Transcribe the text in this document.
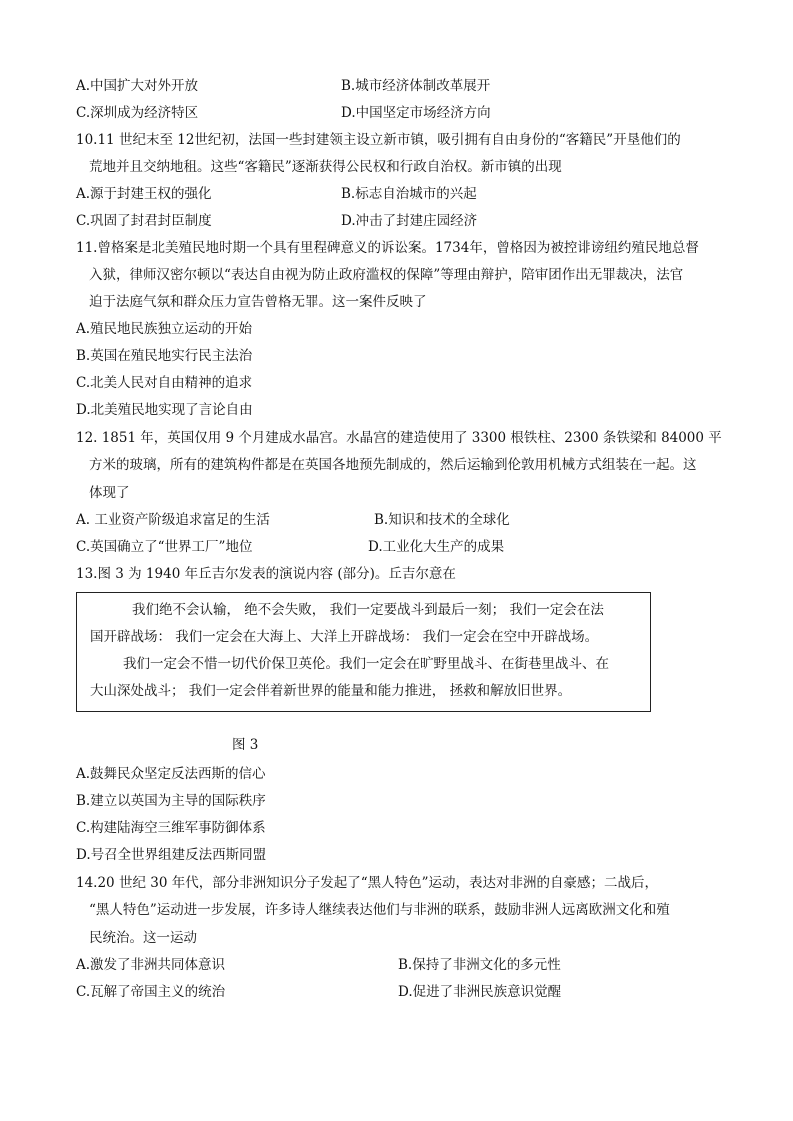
A.中国扩大对外开放	B.城市经济体制改革展开
C.深圳成为经济特区	D.中国坚定市场经济方向
10.11 世纪末至 12世纪初，法国一些封建领主设立新市镇，吸引拥有自由身份的“客籍民”开垦他们的
荒地并且交纳地租。这些“客籍民”逐渐获得公民权和行政自治权。新市镇的出现
A.源于封建王权的强化	B.标志自治城市的兴起
C.巩固了封君封臣制度	D.冲击了封建庄园经济
11.曾格案是北美殖民地时期一个具有里程碑意义的诉讼案。1734年，曾格因为被控诽谤纽约殖民地总督
入狱，律师汉密尔顿以“表达自由视为防止政府滥权的保障”等理由辩护，陪审团作出无罪裁决，法官
迫于法庭气氛和群众压力宣告曾格无罪。这一案件反映了
A.殖民地民族独立运动的开始
B.英国在殖民地实行民主法治
C.北美人民对自由精神的追求
D.北美殖民地实现了言论自由
12. 1851 年，英国仅用 9 个月建成水晶宫。水晶宫的建造使用了 3300 根铁柱、2300 条铁梁和 84000 平
方米的玻璃，所有的建筑构件都是在英国各地预先制成的，然后运输到伦敦用机械方式组装在一起。这
体现了
A. 工业资产阶级追求富足的生活	B.知识和技术的全球化
C.英国确立了“世界工厂”地位	D.工业化大生产的成果
13.图 3 为 1940 年丘吉尔发表的演说内容 (部分)。丘吉尔意在
我们绝不会认输， 绝不会失败， 我们一定要战斗到最后一刻； 我们一定会在法
国开辟战场： 我们一定会在大海上、大洋上开辟战场： 我们一定会在空中开辟战场。
我们一定会不惜一切代价保卫英伦。我们一定会在旷野里战斗、在街巷里战斗、在
大山深处战斗； 我们一定会伴着新世界的能量和能力推进， 拯救和解放旧世界。
图 3
A.鼓舞民众坚定反法西斯的信心
B.建立以英国为主导的国际秩序
C.构建陆海空三维军事防御体系
D.号召全世界组建反法西斯同盟
14.20 世纪 30 年代，部分非洲知识分子发起了“黑人特色”运动，表达对非洲的自豪感；二战后，
“黑人特色”运动进一步发展，许多诗人继续表达他们与非洲的联系，鼓励非洲人远离欧洲文化和殖
民统治。这一运动
A.激发了非洲共同体意识	B.保持了非洲文化的多元性
C.瓦解了帝国主义的统治	D.促进了非洲民族意识觉醒
